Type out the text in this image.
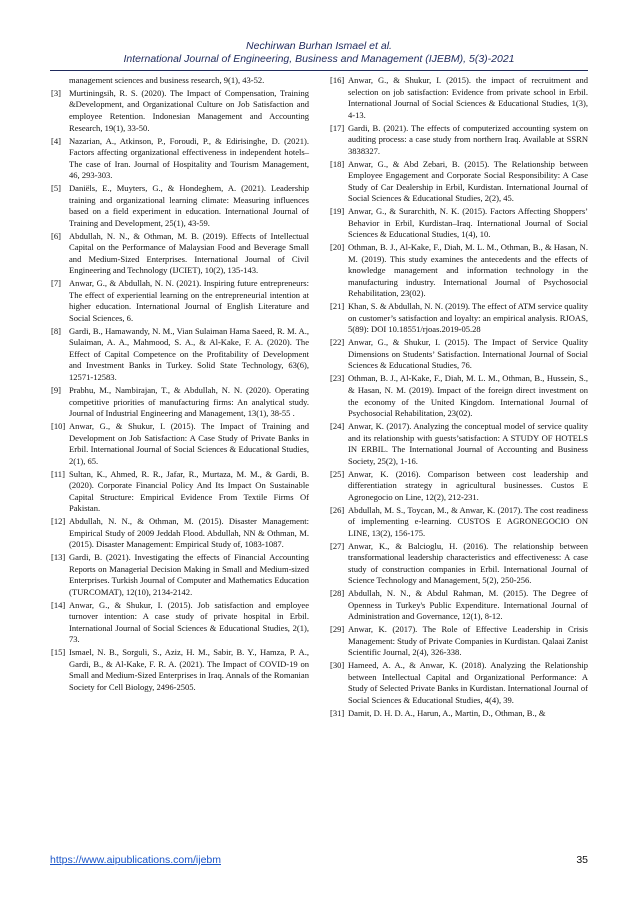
Nechirwan Burhan Ismael et al.
International Journal of Engineering, Business and Management (IJEBM), 5(3)-2021
management sciences and business research, 9(1), 43-52.
[3] Murtiningsih, R. S. (2020). The Impact of Compensation, Training &Development, and Organizational Culture on Job Satisfaction and employee Retention. Indonesian Management and Accounting Research, 19(1), 33-50.
[4] Nazarian, A., Atkinson, P., Foroudi, P., & Edirisinghe, D. (2021). Factors affecting organizational effectiveness in independent hotels–The case of Iran. Journal of Hospitality and Tourism Management, 46, 293-303.
[5] Daniëls, E., Muyters, G., & Hondeghem, A. (2021). Leadership training and organizational learning climate: Measuring influences based on a field experiment in education. International Journal of Training and Development, 25(1), 43-59.
[6] Abdullah, N. N., & Othman, M. B. (2019). Effects of Intellectual Capital on the Performance of Malaysian Food and Beverage Small and Medium-Sized Enterprises. International Journal of Civil Engineering and Technology (IJCIET), 10(2), 135-143.
[7] Anwar, G., & Abdullah, N. N. (2021). Inspiring future entrepreneurs: The effect of experiential learning on the entrepreneurial intention at higher education. International Journal of English Literature and Social Sciences, 6.
[8] Gardi, B., Hamawandy, N. M., Vian Sulaiman Hama Saeed, R. M. A., Sulaiman, A. A., Mahmood, S. A., & Al-Kake, F. A. (2020). The Effect of Capital Competence on the Profitability of Development and Investment Banks in Turkey. Solid State Technology, 63(6), 12571-12583.
[9] Prabhu, M., Nambirajan, T., & Abdullah, N. N. (2020). Operating competitive priorities of manufacturing firms: An analytical study. Journal of Industrial Engineering and Management, 13(1), 38-55 .
[10] Anwar, G., & Shukur, I. (2015). The Impact of Training and Development on Job Satisfaction: A Case Study of Private Banks in Erbil. International Journal of Social Sciences & Educational Studies, 2(1), 65.
[11] Sultan, K., Ahmed, R. R., Jafar, R., Murtaza, M. M., & Gardi, B. (2020). Corporate Financial Policy And Its Impact On Sustainable Capital Structure: Empirical Evidence From Textile Firms Of Pakistan.
[12] Abdullah, N. N., & Othman, M. (2015). Disaster Management: Empirical Study of 2009 Jeddah Flood. Abdullah, NN & Othman, M.(2015). Disaster Management: Empirical Study of, 1083-1087.
[13] Gardi, B. (2021). Investigating the effects of Financial Accounting Reports on Managerial Decision Making in Small and Medium-sized Enterprises. Turkish Journal of Computer and Mathematics Education (TURCOMAT), 12(10), 2134-2142.
[14] Anwar, G., & Shukur, I. (2015). Job satisfaction and employee turnover intention: A case study of private hospital in Erbil. International Journal of Social Sciences & Educational Studies, 2(1), 73.
[15] Ismael, N. B., Sorguli, S., Aziz, H. M., Sabir, B. Y., Hamza, P. A., Gardi, B., & Al-Kake, F. R. A. (2021). The Impact of COVID-19 on Small and Medium-Sized Enterprises in Iraq. Annals of the Romanian Society for Cell Biology, 2496-2505.
[16] Anwar, G., & Shukur, I. (2015). the impact of recruitment and selection on job satisfaction: Evidence from private school in Erbil. International Journal of Social Sciences & Educational Studies, 1(3), 4-13.
[17] Gardi, B. (2021). The effects of computerized accounting system on auditing process: a case study from northern Iraq. Available at SSRN 3838327.
[18] Anwar, G., & Abd Zebari, B. (2015). The Relationship between Employee Engagement and Corporate Social Responsibility: A Case Study of Car Dealership in Erbil, Kurdistan. International Journal of Social Sciences & Educational Studies, 2(2), 45.
[19] Anwar, G., & Surarchith, N. K. (2015). Factors Affecting Shoppers’ Behavior in Erbil, Kurdistan–Iraq. International Journal of Social Sciences & Educational Studies, 1(4), 10.
[20] Othman, B. J., Al-Kake, F., Diah, M. L. M., Othman, B., & Hasan, N. M. (2019). This study examines the antecedents and the effects of knowledge management and information technology in the manufacturing industry. International Journal of Psychosocial Rehabilitation, 23(02).
[21] Khan, S. & Abdullah, N. N. (2019). The effect of ATM service quality on customer’s satisfaction and loyalty: an empirical analysis. RJOAS, 5(89): DOI 10.18551/rjoas.2019-05.28
[22] Anwar, G., & Shukur, I. (2015). The Impact of Service Quality Dimensions on Students’ Satisfaction. International Journal of Social Sciences & Educational Studies, 76.
[23] Othman, B. J., Al-Kake, F., Diah, M. L. M., Othman, B., Hussein, S., & Hasan, N. M. (2019). Impact of the foreign direct investment on the economy of the United Kingdom. International Journal of Psychosocial Rehabilitation, 23(02).
[24] Anwar, K. (2017). Analyzing the conceptual model of service quality and its relationship with guests’satisfaction: A STUDY OF HOTELS IN ERBIL. The International Journal of Accounting and Business Society, 25(2), 1-16.
[25] Anwar, K. (2016). Comparison between cost leadership and differentiation strategy in agricultural businesses. Custos E Agronegocio on Line, 12(2), 212-231.
[26] Abdullah, M. S., Toycan, M., & Anwar, K. (2017). The cost readiness of implementing e-learning. CUSTOS E AGRONEGOCIO ON LINE, 13(2), 156-175.
[27] Anwar, K., & Balcioglu, H. (2016). The relationship between transformational leadership characteristics and effectiveness: A case study of construction companies in Erbil. International Journal of Science Technology and Management, 5(2), 250-256.
[28] Abdullah, N. N., & Abdul Rahman, M. (2015). The Degree of Openness in Turkey's Public Expenditure. International Journal of Administration and Governance, 12(1), 8-12.
[29] Anwar, K. (2017). The Role of Effective Leadership in Crisis Management: Study of Private Companies in Kurdistan. Qalaai Zanist Scientific Journal, 2(4), 326-338.
[30] Hameed, A. A., & Anwar, K. (2018). Analyzing the Relationship between Intellectual Capital and Organizational Performance: A Study of Selected Private Banks in Kurdistan. International Journal of Social Sciences & Educational Studies, 4(4), 39.
[31] Damit, D. H. D. A., Harun, A., Martin, D., Othman, B., &
https://www.aipublications.com/ijebm	35
